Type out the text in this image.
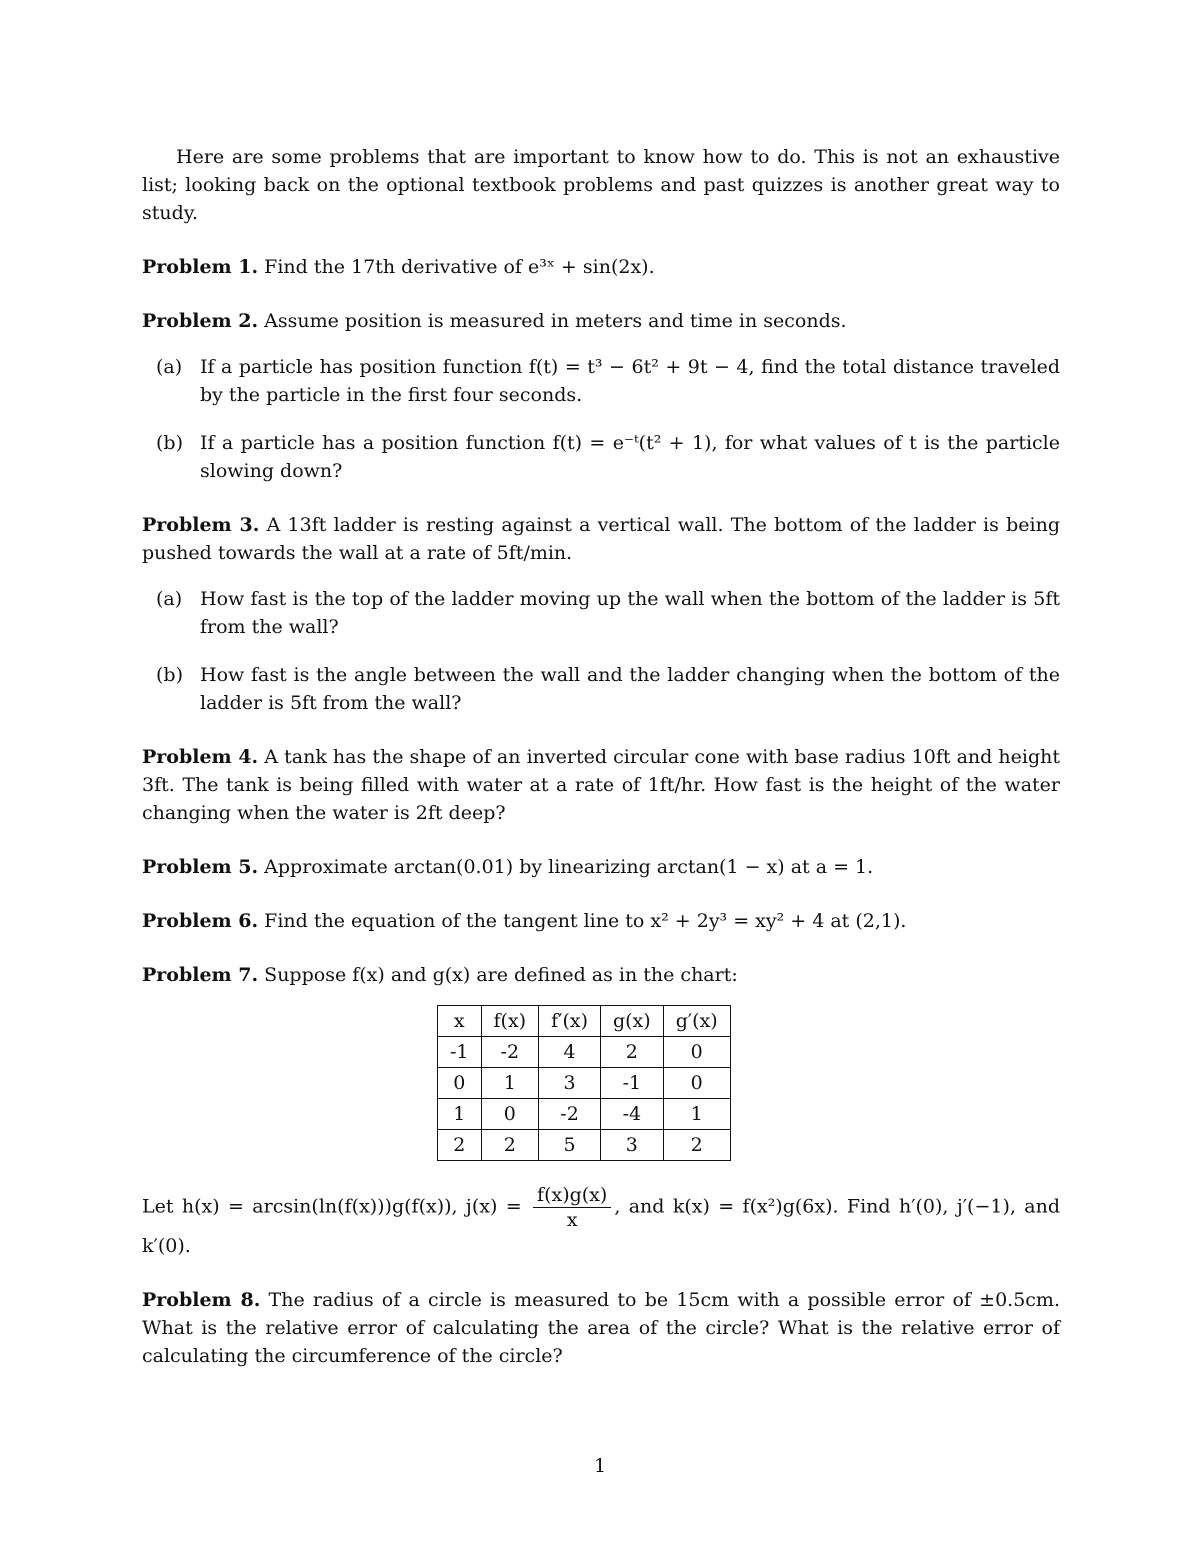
Here are some problems that are important to know how to do. This is not an exhaustive list; looking back on the optional textbook problems and past quizzes is another great way to study.

Problem 1. Find the 17th derivative of e³ˣ + sin(2x).

Problem 2. Assume position is measured in meters and time in seconds.

(a) If a particle has position function f(t) = t³ − 6t² + 9t − 4, find the total distance traveled by the particle in the first four seconds.
(b) If a particle has a position function f(t) = e⁻ᵗ(t² + 1), for what values of t is the particle slowing down?

Problem 3. A 13ft ladder is resting against a vertical wall. The bottom of the ladder is being pushed towards the wall at a rate of 5ft/min.

(a) How fast is the top of the ladder moving up the wall when the bottom of the ladder is 5ft from the wall?
(b) How fast is the angle between the wall and the ladder changing when the bottom of the ladder is 5ft from the wall?

Problem 4. A tank has the shape of an inverted circular cone with base radius 10ft and height 3ft. The tank is being filled with water at a rate of 1ft/hr. How fast is the height of the water changing when the water is 2ft deep?

Problem 5. Approximate arctan(0.01) by linearizing arctan(1 − x) at a = 1.

Problem 6. Find the equation of the tangent line to x² + 2y³ = xy² + 4 at (2,1).

Problem 7. Suppose f(x) and g(x) are defined as in the chart:

x	f(x)	f′(x)	g(x)	g′(x)
-1	-2	4	2	0
0	1	3	-1	0
1	0	-2	-4	1
2	2	5	3	2

Let h(x) = arcsin(ln(f(x)))g(f(x)), $j(x) = \frac{f(x)g(x)}{x}$ , and k(x) = f(x²)g(6x). Find h′(0), j′(−1), and k′(0).

Problem 8. The radius of a circle is measured to be 15cm with a possible error of ±0.5cm. What is the relative error of calculating the area of the circle? What is the relative error of calculating the circumference of the circle?

1
